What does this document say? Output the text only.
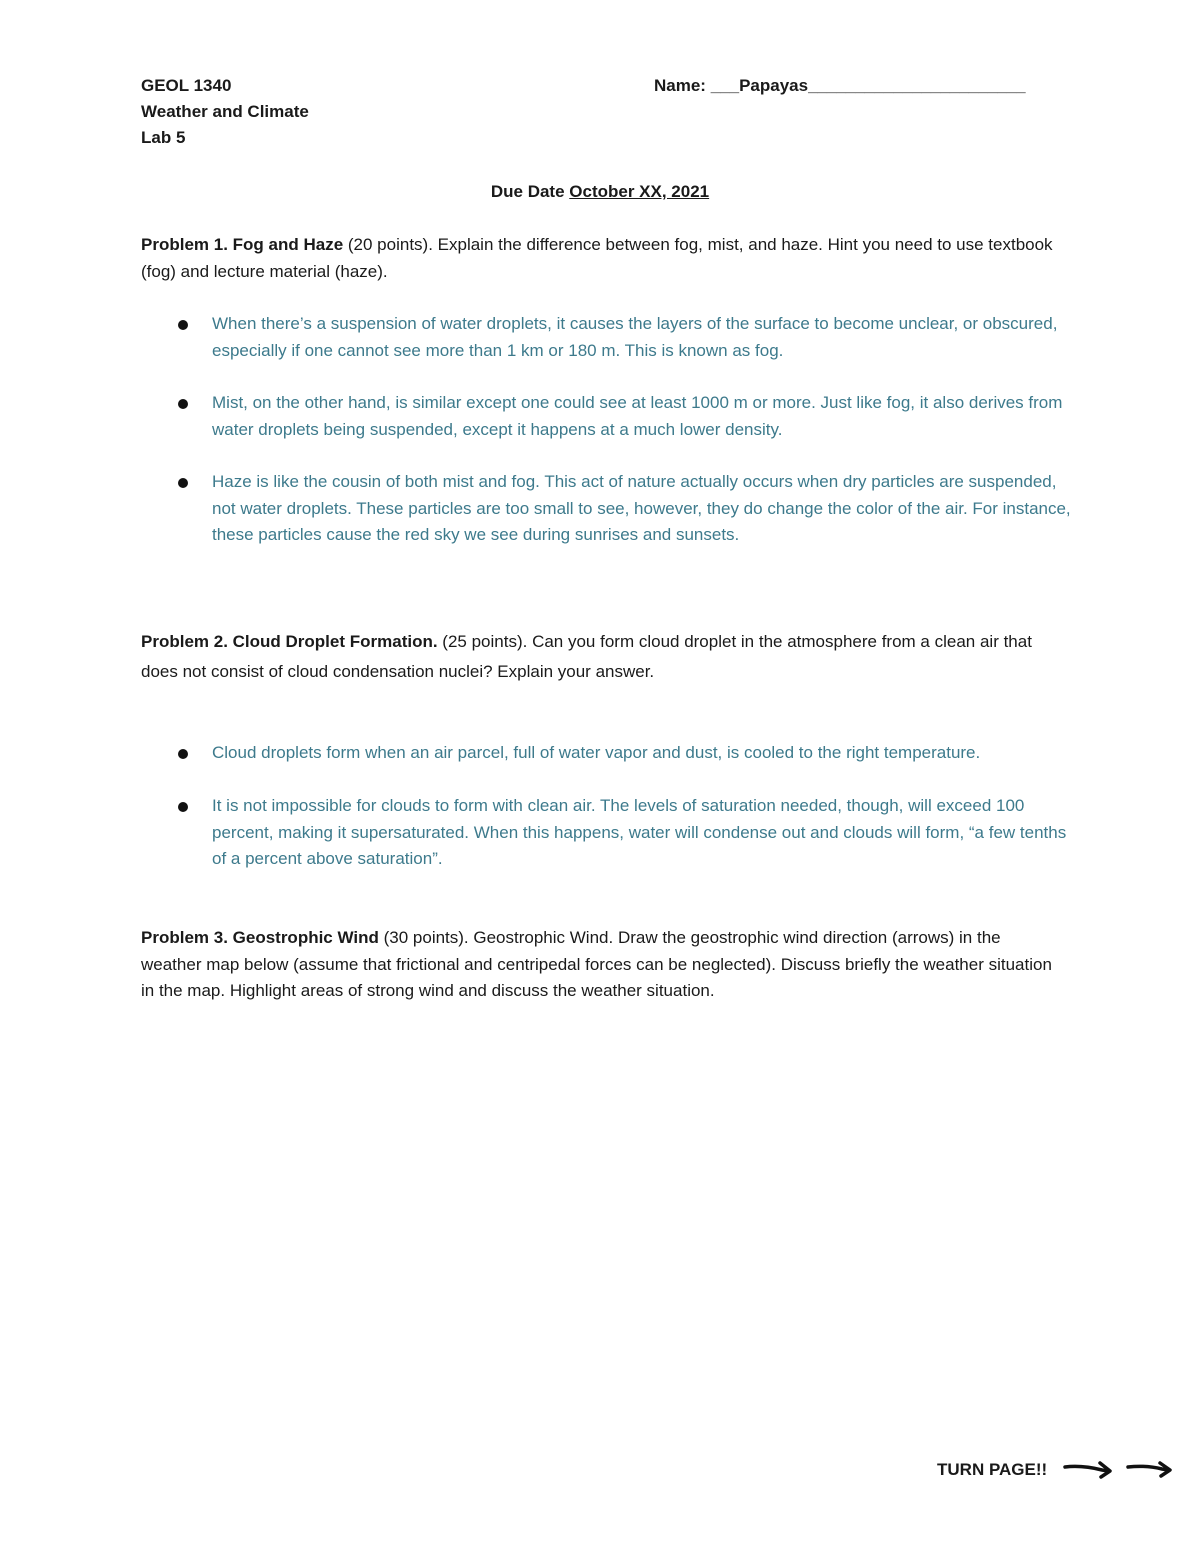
GEOL 1340
Weather and Climate
Lab 5
Name: ___Papayas_______________________
Due Date October XX, 2021
Problem 1. Fog and Haze (20 points). Explain the difference between fog, mist, and haze. Hint you need to use textbook (fog) and lecture material (haze).
When there’s a suspension of water droplets, it causes the layers of the surface to become unclear, or obscured, especially if one cannot see more than 1 km or 180 m. This is known as fog.
Mist, on the other hand, is similar except one could see at least 1000 m or more. Just like fog, it also derives from water droplets being suspended, except it happens at a much lower density.
Haze is like the cousin of both mist and fog. This act of nature actually occurs when dry particles are suspended, not water droplets. These particles are too small to see, however, they do change the color of the air. For instance, these particles cause the red sky we see during sunrises and sunsets.
Problem 2. Cloud Droplet Formation. (25 points). Can you form cloud droplet in the atmosphere from a clean air that does not consist of cloud condensation nuclei? Explain your answer.
Cloud droplets form when an air parcel, full of water vapor and dust, is cooled to the right temperature.
It is not impossible for clouds to form with clean air. The levels of saturation needed, though, will exceed 100 percent, making it supersaturated. When this happens, water will condense out and clouds will form, “a few tenths of a percent above saturation”.
Problem 3. Geostrophic Wind (30 points). Geostrophic Wind. Draw the geostrophic wind direction (arrows) in the weather map below (assume that frictional and centripedal forces can be neglected). Discuss briefly the weather situation in the map. Highlight areas of strong wind and discuss the weather situation.
TURN PAGE!!
